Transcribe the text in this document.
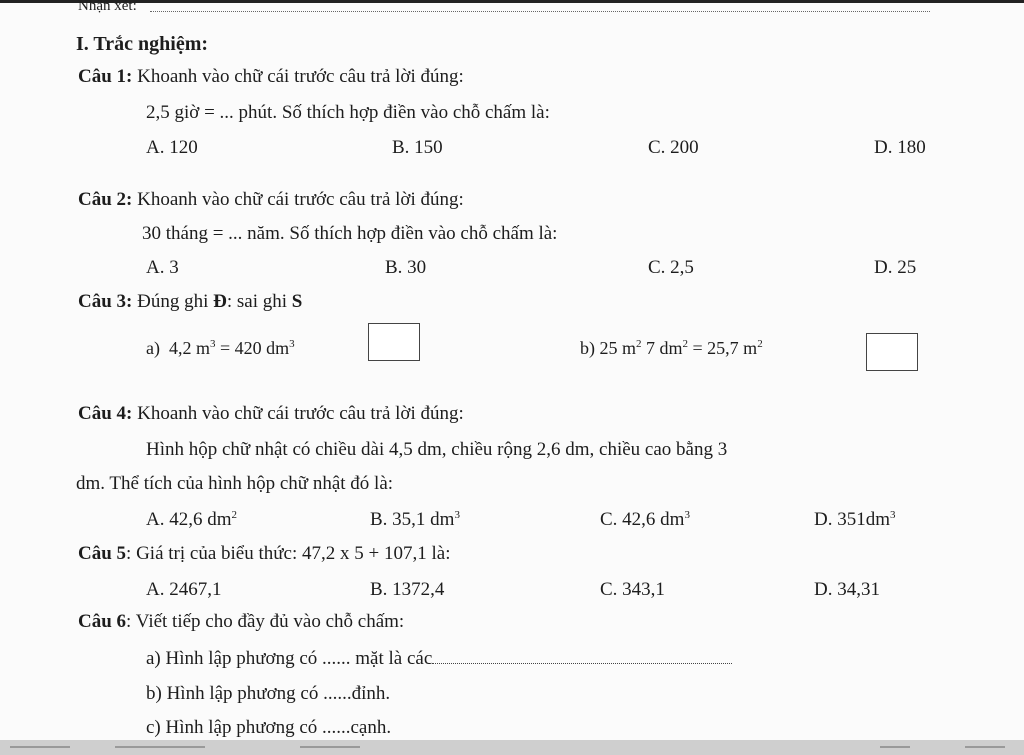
Nhận xét:
I. Trắc nghiệm:
Câu 1: Khoanh vào chữ cái trước câu trả lời đúng:
2,5 giờ = ... phút. Số thích hợp điền vào chỗ chấm là:
A. 120	B. 150	C. 200	D. 180
Câu 2: Khoanh vào chữ cái trước câu trả lời đúng:
30 tháng = ... năm. Số thích hợp điền vào chỗ chấm là:
A. 3	B. 30	C. 2,5	D. 25
Câu 3: Đúng ghi Đ: sai ghi S
a) 4,2 $m^3 = 420$ $dm^3$	b) 25 $m^2$ 7 $dm^2 = 25,7$ $m^2$
Câu 4: Khoanh vào chữ cái trước câu trả lời đúng:
Hình hộp chữ nhật có chiều dài 4,5 dm, chiều rộng 2,6 dm, chiều cao bằng 3
dm. Thể tích của hình hộp chữ nhật đó là:
A. 42,6 $dm^2$	B. 35,1 $dm^3$	C. 42,6 $dm^3$	D. $351dm^3$
Câu 5: Giá trị của biểu thức: 47,2 x 5 + 107,1 là:
A. 2467,1	B. 1372,4	C. 343,1	D. 34,31
Câu 6: Viết tiếp cho đầy đủ vào chỗ chấm:
a) Hình lập phương có ...... mặt là các
b) Hình lập phương có ......đỉnh.
c) Hình lập phương có ......cạnh.
